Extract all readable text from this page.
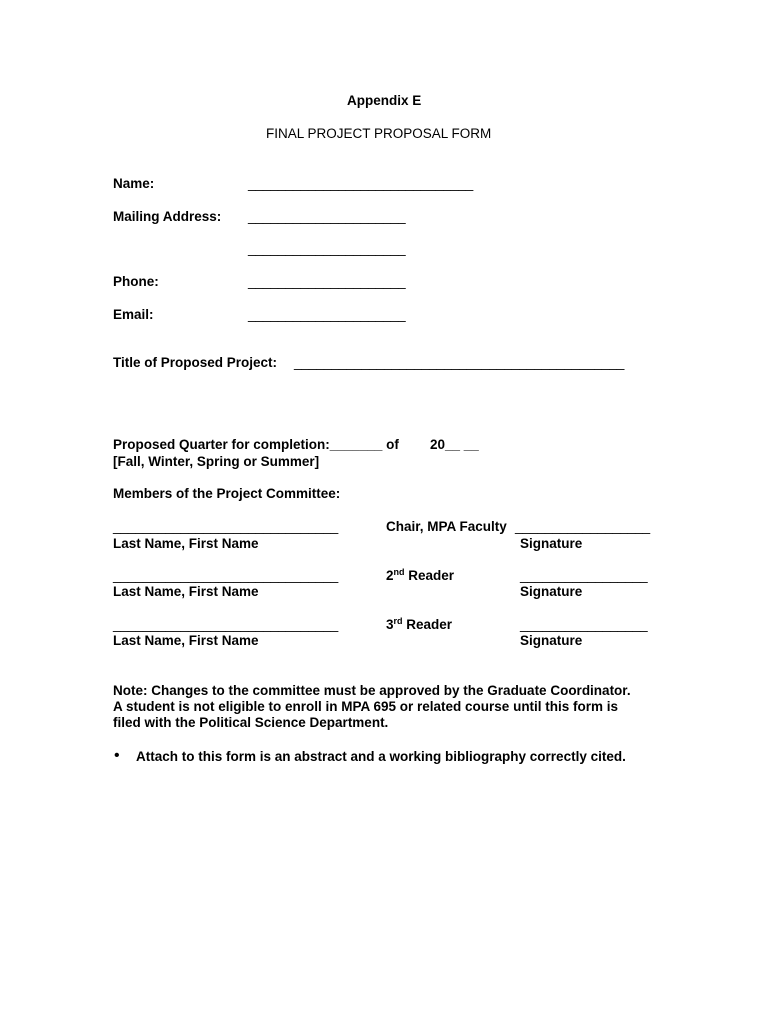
Appendix E
FINAL PROJECT PROPOSAL FORM
Name:	______________________________
Mailing Address: _____________________
_____________________
Phone:	_____________________
Email:	_____________________
Title of Proposed Project: ____________________________________________
Proposed Quarter for completion:_______ of 20__ __
[Fall, Winter, Spring or Summer]
Members of the Project Committee:
______________________________	Chair, MPA Faculty __________________
Last Name, First Name	Signature
______________________________	2nd Reader	_________________
Last Name, First Name	Signature
______________________________	3rd Reader	_________________
Last Name, First Name	Signature
Note: Changes to the committee must be approved by the Graduate Coordinator.
A student is not eligible to enroll in MPA 695 or related course until this form is
filed with the Political Science Department.
• Attach to this form is an abstract and a working bibliography correctly cited.
